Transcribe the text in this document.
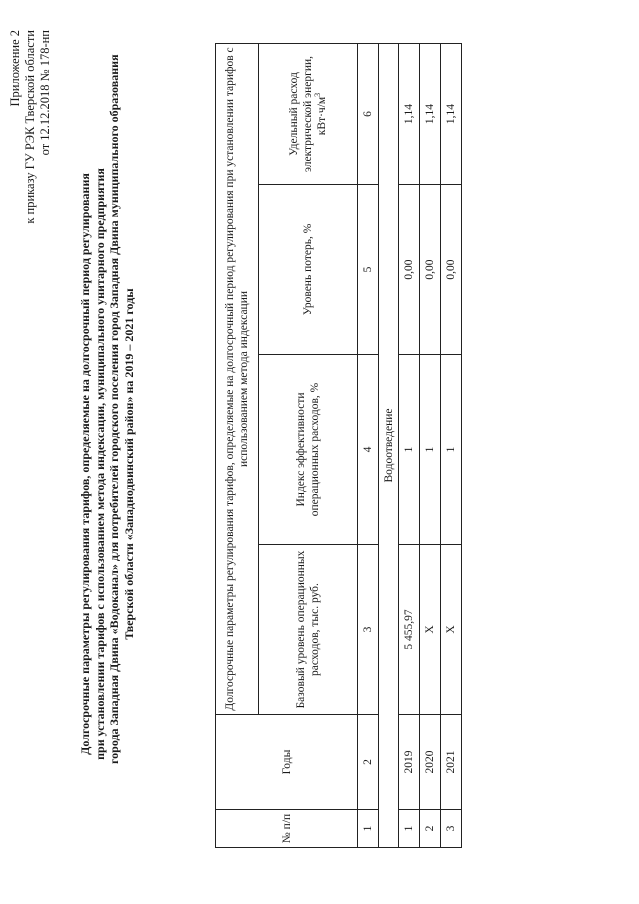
Приложение 2 к приказу ГУ РЭК Тверской области от 12.12.2018 № 178-нп
Долгосрочные параметры регулирования тарифов, определяемые на долгосрочный период регулирования при установлении тарифов с использованием метода индексации, муниципального унитарного предприятия города Западная Двина «Водоканал» для потребителей городского поселения город Западная Двина муниципального образования Тверской области «Западнодвинский район» на 2019 – 2021 годы
№ п/п	Годы	Долгосрочные параметры регулирования тарифов, определяемые на долгосрочный период регулирования при установлении тарифов с использованием метода индексации			
		Базовый уровень операционных расходов, тыс. руб.	Индекс эффективности операционных расходов, %	Уровень потерь, %	Удельный расход электрической энергии, $кВт\cdot ч/м^3$
1	2	3	4	5	6
Водоотведение					
1	2019	5 455,97	1	0,00	1,14
2	2020	Х	1	0,00	1,14
3	2021	Х	1	0,00	1,14
